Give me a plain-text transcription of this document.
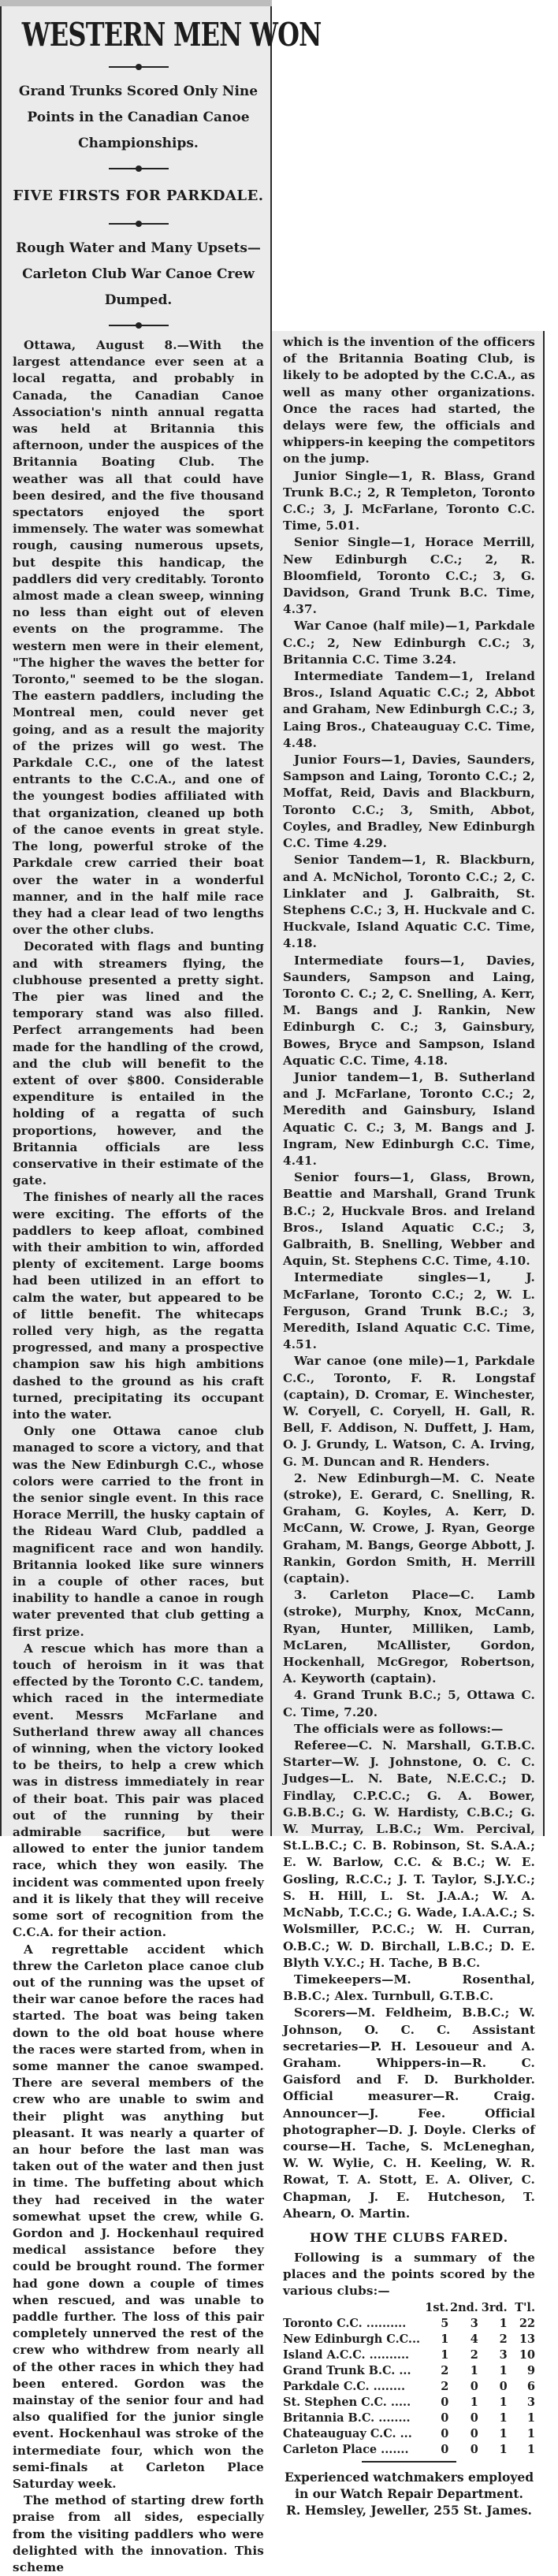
WESTERN MEN WON
Grand Trunks Scored Only Nine Points in the Canadian Canoe Championships.
FIVE FIRSTS FOR PARKDALE.
Rough Water and Many Upsets—Carleton Club War Canoe Crew Dumped.

Ottawa, August 8.—With the largest attendance ever seen at a local regatta, and probably in Canada, the Canadian Canoe Association's ninth annual regatta was held at Britannia this afternoon, under the auspices of the Britannia Boating Club. The weather was all that could have been desired, and the five thousand spectators enjoyed the sport immensely. The water was somewhat rough, causing numerous upsets, but despite this handicap, the paddlers did very creditably. Toronto almost made a clean sweep, winning no less than eight out of eleven events on the programme. The western men were in their element, "The higher the waves the better for Toronto," seemed to be the slogan. The eastern paddlers, including the Montreal men, could never get going, and as a result the majority of the prizes will go west. The Parkdale C.C., one of the latest entrants to the C.C.A., and one of the youngest bodies affiliated with that organization, cleaned up both of the canoe events in great style. The long, powerful stroke of the Parkdale crew carried their boat over the water in a wonderful manner, and in the half mile race they had a clear lead of two lengths over the other clubs.

Decorated with flags and bunting and with streamers flying, the clubhouse presented a pretty sight. The pier was lined and the temporary stand was also filled. Perfect arrangements had been made for the handling of the crowd, and the club will benefit to the extent of over $800. Considerable expenditure is entailed in the holding of a regatta of such proportions, however, and the Britannia officials are less conservative in their estimate of the gate.

The finishes of nearly all the races were exciting. The efforts of the paddlers to keep afloat, combined with their ambition to win, afforded plenty of excitement. Large booms had been utilized in an effort to calm the water, but appeared to be of little benefit. The whitecaps rolled very high, as the regatta progressed, and many a prospective champion saw his high ambitions dashed to the ground as his craft turned, precipitating its occupant into the water.

Only one Ottawa canoe club managed to score a victory, and that was the New Edinburgh C.C., whose colors were carried to the front in the senior single event. In this race Horace Merrill, the husky captain of the Rideau Ward Club, paddled a magnificent race and won handily. Britannia looked like sure winners in a couple of other races, but inability to handle a canoe in rough water prevented that club getting a first prize.

A rescue which has more than a touch of heroism in it was that effected by the Toronto C.C. tandem, which raced in the intermediate event. Messrs McFarlane and Sutherland threw away all chances of winning, when the victory looked to be theirs, to help a crew which was in distress immediately in rear of their boat. This pair was placed out of the running by their admirable sacrifice, but were allowed to enter the junior tandem race, which they won easily. The incident was commented upon freely and it is likely that they will receive some sort of recognition from the C.C.A. for their action.

A regrettable accident which threw the Carleton place canoe club out of the running was the upset of their war canoe before the races had started. The boat was being taken down to the old boat house where the races were started from, when in some manner the canoe swamped. There are several members of the crew who are unable to swim and their plight was anything but pleasant. It was nearly a quarter of an hour before the last man was taken out of the water and then just in time. The buffeting about which they had received in the water somewhat upset the crew, while G. Gordon and J. Hockenhaul required medical assistance before they could be brought round. The former had gone down a couple of times when rescued, and was unable to paddle further. The loss of this pair completely unnerved the rest of the crew who withdrew from nearly all of the other races in which they had been entered. Gordon was the mainstay of the senior four and had also qualified for the junior single event. Hockenhaul was stroke of the intermediate four, which won the semi-finals at Carleton Place Saturday week.

The method of starting drew forth praise from all sides, especially from the visiting paddlers who were delighted with the innovation. This scheme

which is the invention of the officers of the Britannia Boating Club, is likely to be adopted by the C.C.A., as well as many other organizations. Once the races had started, the delays were few, the officials and whippers-in keeping the competitors on the jump.

Junior Single—1, R. Blass, Grand Trunk B.C.; 2, R Templeton, Toronto C.C.; 3, J. McFarlane, Toronto C.C. Time, 5.01.

Senior Single—1, Horace Merrill, New Edinburgh C.C.; 2, R. Bloomfield, Toronto C.C.; 3, G. Davidson, Grand Trunk B.C. Time, 4.37.

War Canoe (half mile)—1, Parkdale C.C.; 2, New Edinburgh C.C.; 3, Britannia C.C. Time 3.24.

Intermediate Tandem—1, Ireland Bros., Island Aquatic C.C.; 2, Abbot and Graham, New Edinburgh C.C.; 3, Laing Bros., Chateauguay C.C. Time, 4.48.

Junior Fours—1, Davies, Saunders, Sampson and Laing, Toronto C.C.; 2, Moffat, Reid, Davis and Blackburn, Toronto C.C.; 3, Smith, Abbot, Coyles, and Bradley, New Edinburgh C.C. Time 4.29.

Senior Tandem—1, R. Blackburn, and A. McNichol, Toronto C.C.; 2, C. Linklater and J. Galbraith, St. Stephens C.C.; 3, H. Huckvale and C. Huckvale, Island Aquatic C.C. Time, 4.18.

Intermediate fours—1, Davies, Saunders, Sampson and Laing, Toronto C. C.; 2, C. Snelling, A. Kerr, M. Bangs and J. Rankin, New Edinburgh C. C.; 3, Gainsbury, Bowes, Bryce and Sampson, Island Aquatic C.C. Time, 4.18.

Junior tandem—1, B. Sutherland and J. McFarlane, Toronto C.C.; 2, Meredith and Gainsbury, Island Aquatic C. C.; 3, M. Bangs and J. Ingram, New Edinburgh C.C. Time, 4.41.

Senior fours—1, Glass, Brown, Beattie and Marshall, Grand Trunk B.C.; 2, Huckvale Bros. and Ireland Bros., Island Aquatic C.C.; 3, Galbraith, B. Snelling, Webber and Aquin, St. Stephens C.C. Time, 4.10.

Intermediate singles—1, J. McFarlane, Toronto C.C.; 2, W. L. Ferguson, Grand Trunk B.C.; 3, Meredith, Island Aquatic C.C. Time, 4.51.

War canoe (one mile)—1, Parkdale C.C., Toronto, F. R. Longstaf (captain), D. Cromar, E. Winchester, W. Coryell, C. Coryell, H. Gall, R. Bell, F. Addison, N. Duffett, J. Ham, O. J. Grundy, L. Watson, C. A. Irving, G. M. Duncan and R. Henders.

2. New Edinburgh—M. C. Neate (stroke), E. Gerard, C. Snelling, R. Graham, G. Koyles, A. Kerr, D. McCann, W. Crowe, J. Ryan, George Graham, M. Bangs, George Abbott, J. Rankin, Gordon Smith, H. Merrill (captain).

3. Carleton Place—C. Lamb (stroke), Murphy, Knox, McCann, Ryan, Hunter, Milliken, Lamb, McLaren, McAllister, Gordon, Hockenhall, McGregor, Robertson, A. Keyworth (captain).

4. Grand Trunk B.C.; 5, Ottawa C. C. Time, 7.20.

The officials were as follows:—

Referee—C. N. Marshall, G.T.B.C. Starter—W. J. Johnstone, O. C. C. Judges—L. N. Bate, N.E.C.C.; D. Findlay, C.P.C.C.; G. A. Bower, G.B.B.C.; G. W. Hardisty, C.B.C.; G. W. Murray, L.B.C.; Wm. Percival, St.L.B.C.; C. B. Robinson, St. S.A.A.; E. W. Barlow, C.C. & B.C.; W. E. Gosling, R.C.C.; J. T. Taylor, S.J.Y.C.; S. H. Hill, L. St. J.A.A.; W. A. McNabb, T.C.C.; G. Wade, I.A.A.C.; S. Wolsmiller, P.C.C.; W. H. Curran, O.B.C.; W. D. Birchall, L.B.C.; D. E. Blyth V.Y.C.; H. Tache, B B.C.

Timekeepers—M. Rosenthal, B.B.C.; Alex. Turnbull, G.T.B.C.

Scorers—M. Feldheim, B.B.C.; W. Johnson, O. C. C. Assistant secretaries—P. H. Lesoueur and A. Graham. Whippers-in—R. C. Gaisford and F. D. Burkholder. Official measurer—R. Craig. Announcer—J. Fee. Official photographer—D. J. Doyle. Clerks of course—H. Tache, S. McLeneghan, W. W. Wylie, C. H. Keeling, W. R. Rowat, T. A. Stott, E. A. Oliver, C. Chapman, J. E. Hutcheson, T. Ahearn, O. Martin.

HOW THE CLUBS FARED.

Following is a summary of the places and the points scored by the various clubs:—

	1st.	2nd.	3rd.	T'l.
Toronto C.C. ..........	5	3	1	22
New Edinburgh C.C...	1	4	2	13
Island A.C.C. ..........	1	2	3	10
Grand Trunk B.C. ...	2	1	1	9
Parkdale C.C. ........	2	0	0	6
St. Stephen C.C. .....	0	1	1	3
Britannia B.C. ........	0	0	1	1
Chateauguay C.C. ...	0	0	1	1
Carleton Place .......	0	0	1	1
Experienced watchmakers employed in our Watch Repair Department.
R. Hemsley, Jeweller, 255 St. James.
